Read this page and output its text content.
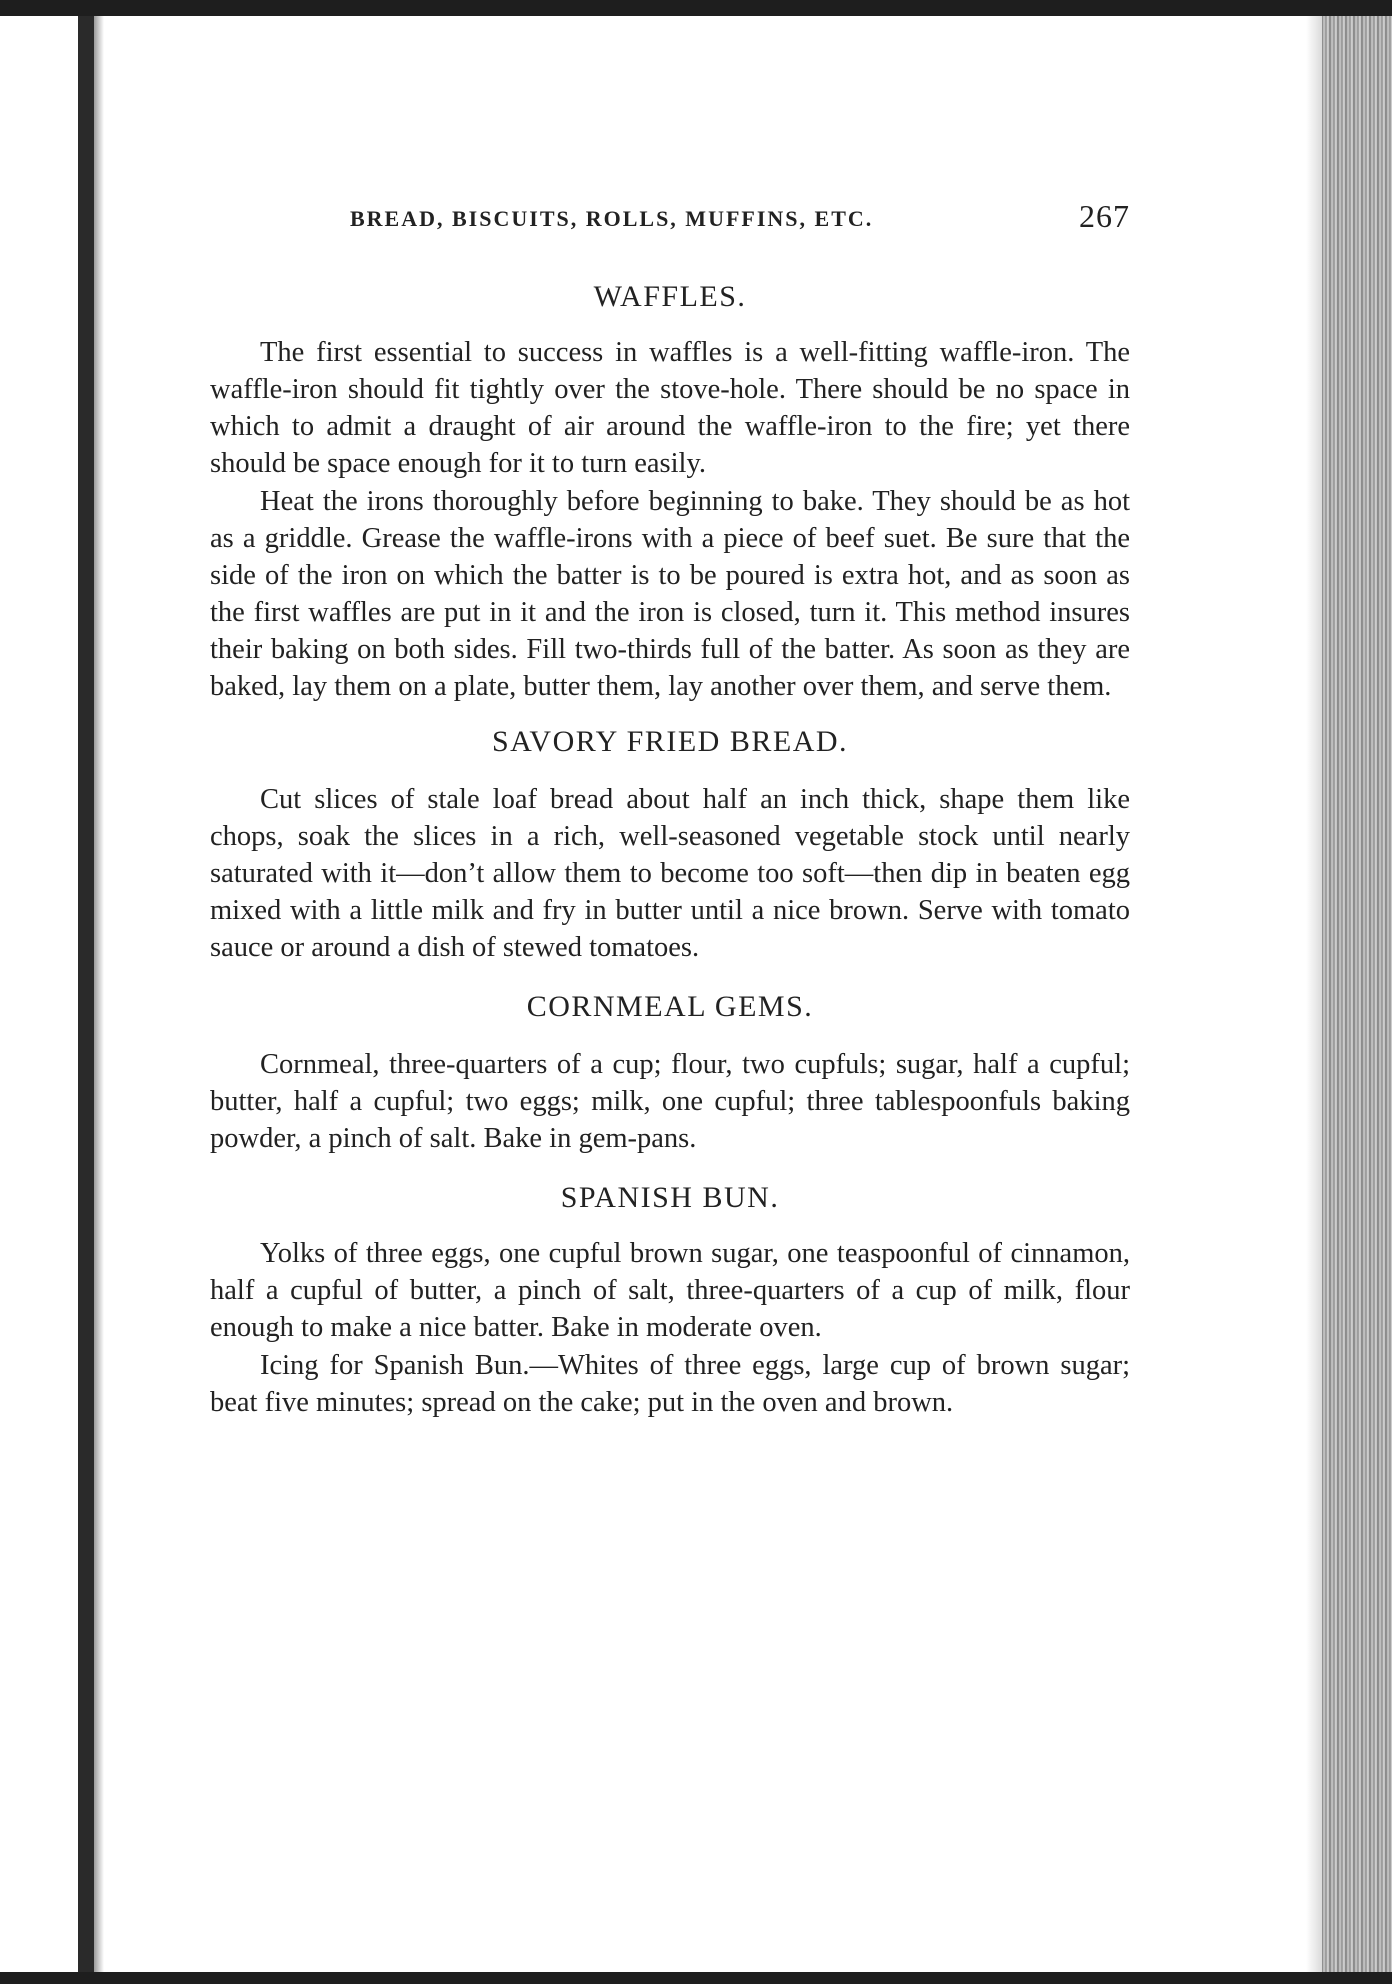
BREAD, BISCUITS, ROLLS, MUFFINS, ETC.	267
WAFFLES.

The first essential to success in waffles is a well-fitting waffle-iron. The waffle-iron should fit tightly over the stove-hole. There should be no space in which to admit a draught of air around the waffle-iron to the fire; yet there should be space enough for it to turn easily.

Heat the irons thoroughly before beginning to bake. They should be as hot as a griddle. Grease the waffle-irons with a piece of beef suet. Be sure that the side of the iron on which the batter is to be poured is extra hot, and as soon as the first waffles are put in it and the iron is closed, turn it. This method insures their baking on both sides. Fill two-thirds full of the batter. As soon as they are baked, lay them on a plate, butter them, lay another over them, and serve them.

SAVORY FRIED BREAD.

Cut slices of stale loaf bread about half an inch thick, shape them like chops, soak the slices in a rich, well-seasoned vegetable stock until nearly saturated with it—don’t allow them to become too soft—then dip in beaten egg mixed with a little milk and fry in butter until a nice brown. Serve with tomato sauce or around a dish of stewed tomatoes.

CORNMEAL GEMS.

Cornmeal, three-quarters of a cup; flour, two cupfuls; sugar, half a cupful; butter, half a cupful; two eggs; milk, one cupful; three tablespoonfuls baking powder, a pinch of salt. Bake in gem-pans.

SPANISH BUN.

Yolks of three eggs, one cupful brown sugar, one teaspoonful of cinnamon, half a cupful of butter, a pinch of salt, three-quarters of a cup of milk, flour enough to make a nice batter. Bake in moderate oven.

Icing for Spanish Bun.—Whites of three eggs, large cup of brown sugar; beat five minutes; spread on the cake; put in the oven and brown.
